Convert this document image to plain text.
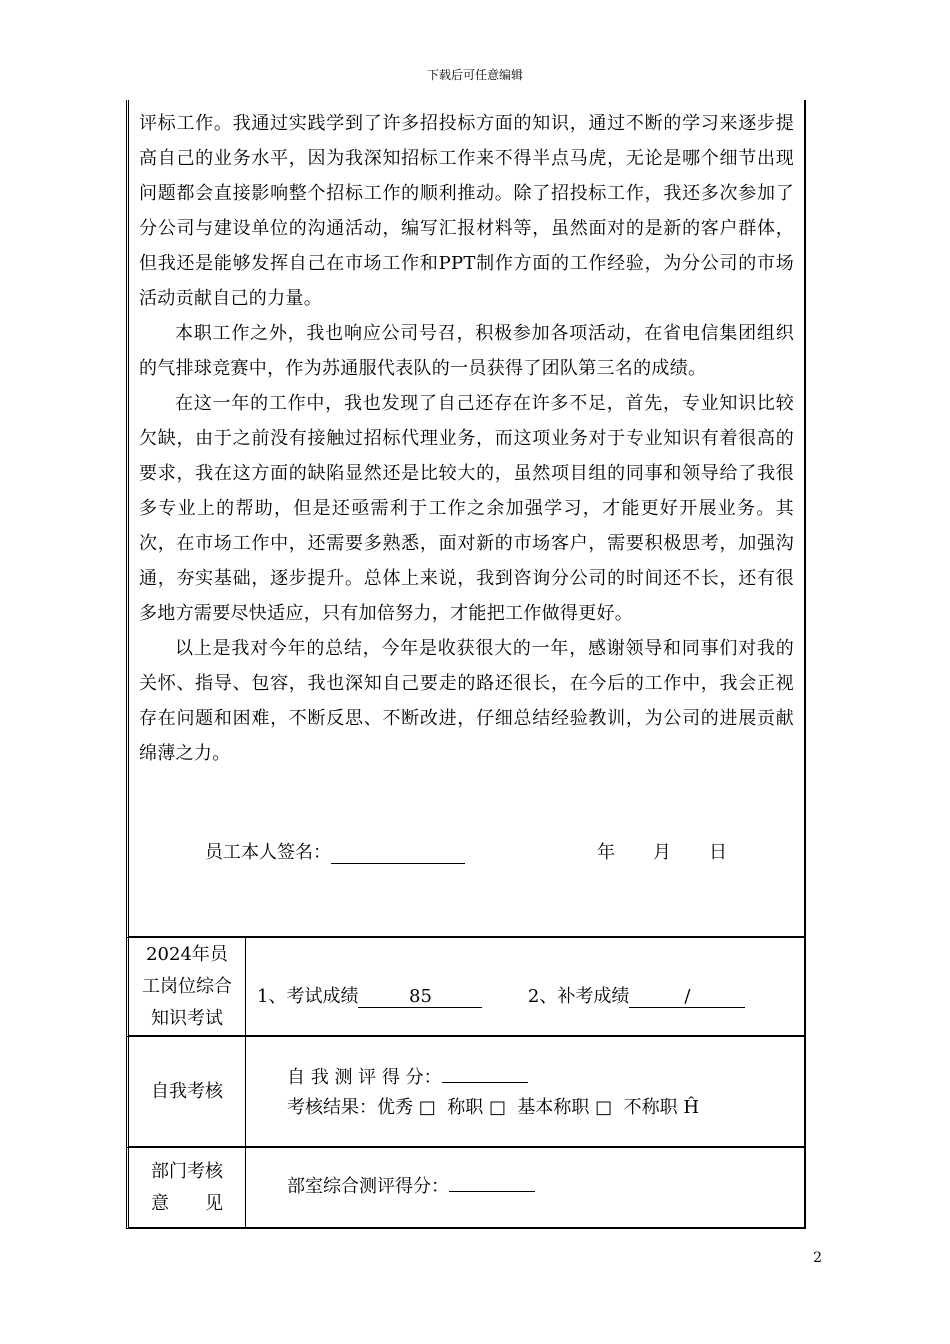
下载后可任意编辑

评标工作。我通过实践学到了许多招投标方面的知识，通过不断的学习来逐步提高自己的业务水平，因为我深知招标工作来不得半点马虎，无论是哪个细节出现问题都会直接影响整个招标工作的顺利推动。除了招投标工作，我还多次参加了分公司与建设单位的沟通活动，编写汇报材料等，虽然面对的是新的客户群体，但我还是能够发挥自己在市场工作和PPT制作方面的工作经验，为分公司的市场活动贡献自己的力量。

本职工作之外，我也响应公司号召，积极参加各项活动，在省电信集团组织的气排球竞赛中，作为苏通服代表队的一员获得了团队第三名的成绩。

在这一年的工作中，我也发现了自己还存在许多不足，首先，专业知识比较欠缺，由于之前没有接触过招标代理业务，而这项业务对于专业知识有着很高的要求，我在这方面的缺陷显然还是比较大的，虽然项目组的同事和领导给了我很多专业上的帮助，但是还亟需利于工作之余加强学习，才能更好开展业务。其次，在市场工作中，还需要多熟悉，面对新的市场客户，需要积极思考，加强沟通，夯实基础，逐步提升。总体上来说，我到咨询分公司的时间还不长，还有很多地方需要尽快适应，只有加倍努力，才能把工作做得更好。

以上是我对今年的总结，今年是收获很大的一年，感谢领导和同事们对我的关怀、指导、包容，我也深知自己要走的路还很长，在今后的工作中，我会正视存在问题和困难，不断反思、不断改进，仔细总结经验教训，为公司的进展贡献绵薄之力。

员工本人签名：	年 月 日
2024年员
工岗位综合
知识考试
1、考试成绩	85	2、补考成绩	/
自我考核
自 我 测 评 得 分：
考核结果：优秀 □ 称职 □ 基本称职 □ 不称职 Ĥ
部门考核
意　　见
部室综合测评得分：
2
